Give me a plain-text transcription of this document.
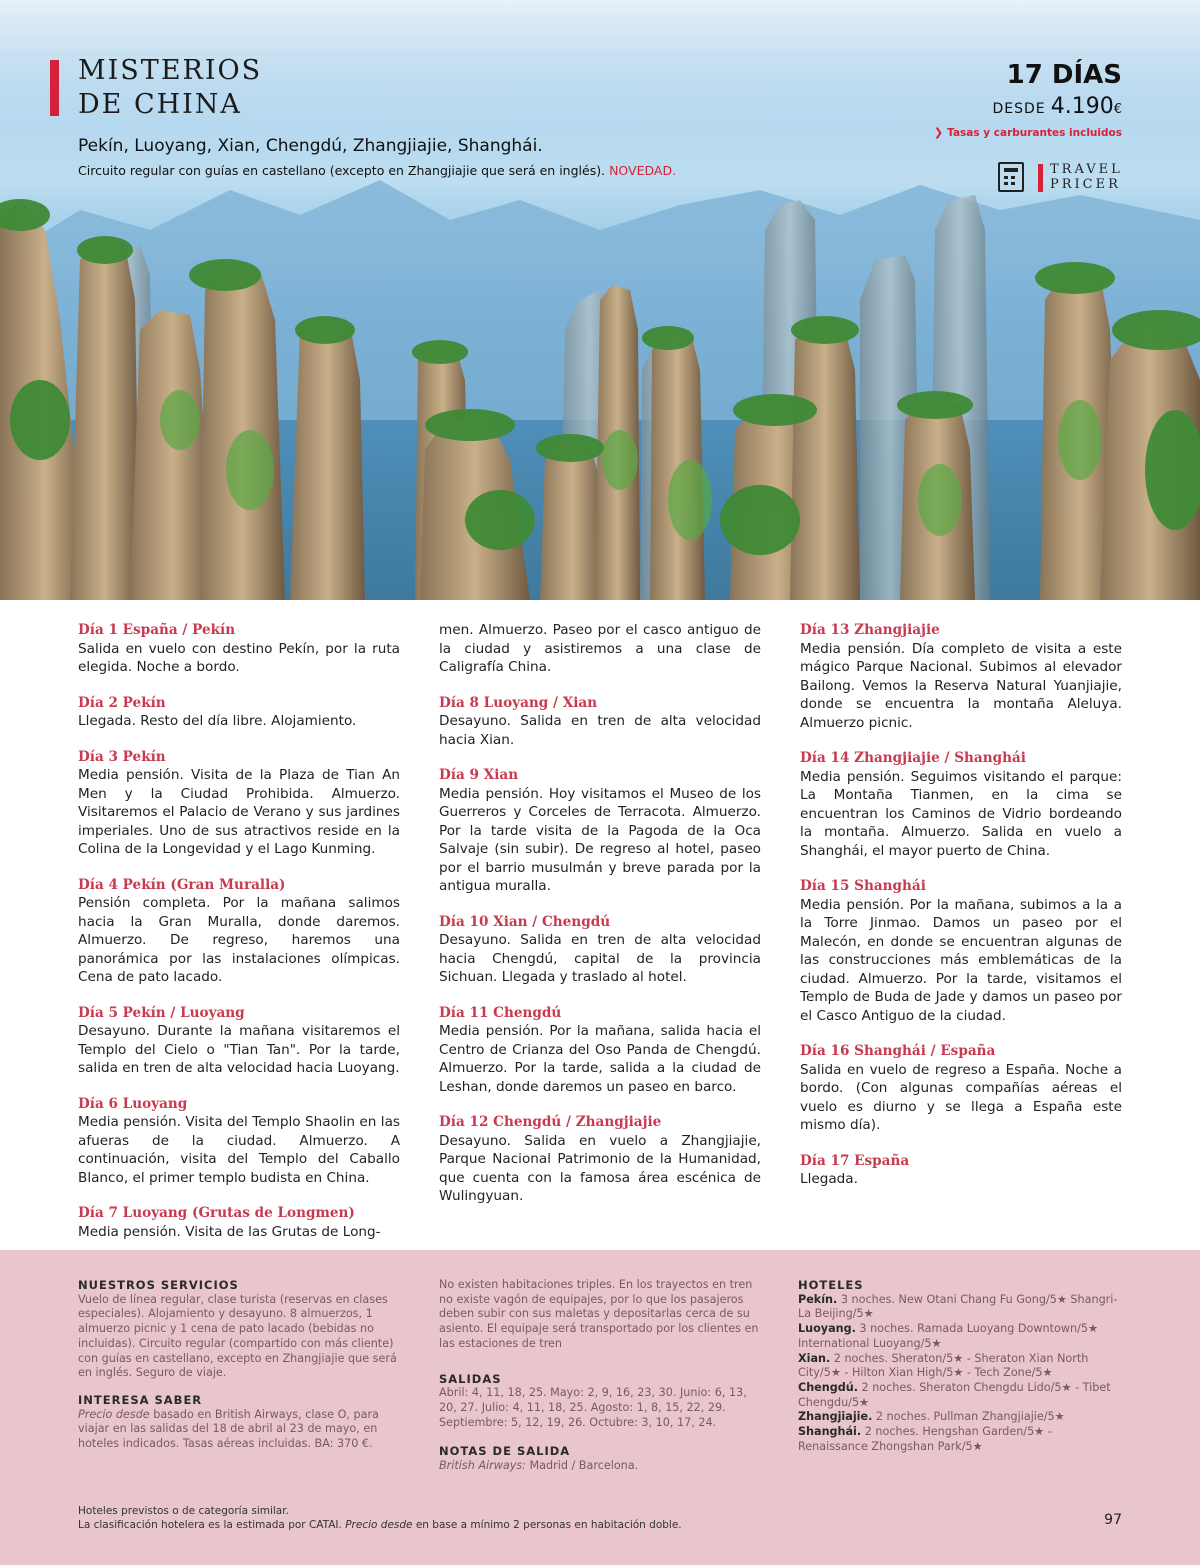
MISTERIOS
DE CHINA
Pekín, Luoyang, Xian, Chengdú, Zhangjiajie, Shanghái.
Circuito regular con guías en castellano (excepto en Zhangjiajie que será en inglés). NOVEDAD.
17 DÍAS
DESDE 4.190€
❯ Tasas y carburantes incluidos
TRAVEL
PRICER
Día 1 España / Pekín
Salida en vuelo con destino Pekín, por la ruta elegida. Noche a bordo.
Día 2 Pekín
Llegada. Resto del día libre. Alojamiento.
Día 3 Pekín
Media pensión. Visita de la Plaza de Tian An Men y la Ciudad Prohibida. Almuerzo. Visitaremos el Palacio de Verano y sus jardines imperiales. Uno de sus atractivos reside en la Colina de la Longevidad y el Lago Kunming.
Día 4 Pekín (Gran Muralla)
Pensión completa. Por la mañana salimos hacia la Gran Muralla, donde daremos. Almuerzo. De regreso, haremos una panorámica por las instalaciones olímpicas. Cena de pato lacado.
Día 5 Pekín / Luoyang
Desayuno. Durante la mañana visitaremos el Templo del Cielo o "Tian Tan". Por la tarde, salida en tren de alta velocidad hacia Luoyang.
Día 6 Luoyang
Media pensión. Visita del Templo Shaolin en las afueras de la ciudad. Almuerzo. A continuación, visita del Templo del Caballo Blanco, el primer templo budista en China.
Día 7 Luoyang (Grutas de Longmen)
Media pensión. Visita de las Grutas de Long-
men. Almuerzo. Paseo por el casco antiguo de la ciudad y asistiremos a una clase de Caligrafía China.
Día 8 Luoyang / Xian
Desayuno. Salida en tren de alta velocidad hacia Xian.
Día 9 Xian
Media pensión. Hoy visitamos el Museo de los Guerreros y Corceles de Terracota. Almuerzo. Por la tarde visita de la Pagoda de la Oca Salvaje (sin subir). De regreso al hotel, paseo por el barrio musulmán y breve parada por la antigua muralla.
Día 10 Xian / Chengdú
Desayuno. Salida en tren de alta velocidad hacia Chengdú, capital de la provincia Sichuan. Llegada y traslado al hotel.
Día 11 Chengdú
Media pensión. Por la mañana, salida hacia el Centro de Crianza del Oso Panda de Chengdú. Almuerzo. Por la tarde, salida a la ciudad de Leshan, donde daremos un paseo en barco.
Día 12 Chengdú / Zhangjiajie
Desayuno. Salida en vuelo a Zhangjiajie, Parque Nacional Patrimonio de la Humanidad, que cuenta con la famosa área escénica de Wulingyuan.
Día 13 Zhangjiajie
Media pensión. Día completo de visita a este mágico Parque Nacional. Subimos al elevador Bailong. Vemos la Reserva Natural Yuanjiajie, donde se encuentra la montaña Aleluya. Almuerzo picnic.
Día 14 Zhangjiajie / Shanghái
Media pensión. Seguimos visitando el parque: La Montaña Tianmen, en la cima se encuentran los Caminos de Vidrio bordeando la montaña. Almuerzo. Salida en vuelo a Shanghái, el mayor puerto de China.
Día 15 Shanghái
Media pensión. Por la mañana, subimos a la a la Torre Jinmao. Damos un paseo por el Malecón, en donde se encuentran algunas de las construcciones más emblemáticas de la ciudad. Almuerzo. Por la tarde, visitamos el Templo de Buda de Jade y damos un paseo por el Casco Antiguo de la ciudad.
Día 16 Shanghái / España
Salida en vuelo de regreso a España. Noche a bordo. (Con algunas compañías aéreas el vuelo es diurno y se llega a España este mismo día).
Día 17 España
Llegada.
NUESTROS SERVICIOS
Vuelo de línea regular, clase turista (reservas en clases especiales). Alojamiento y desayuno. 8 almuerzos, 1 almuerzo picnic y 1 cena de pato lacado (bebidas no incluidas). Circuito regular (compartido con más cliente) con guías en castellano, excepto en Zhangjiajie que será en inglés. Seguro de viaje.
INTERESA SABER
Precio desde basado en British Airways, clase O, para viajar en las salidas del 18 de abril al 23 de mayo, en hoteles indicados. Tasas aéreas incluidas. BA: 370 €.
No existen habitaciones triples. En los trayectos en tren no existe vagón de equipajes, por lo que los pasajeros deben subir con sus maletas y depositarlas cerca de su asiento. El equipaje será transportado por los clientes en las estaciones de tren
SALIDAS
Abril: 4, 11, 18, 25. Mayo: 2, 9, 16, 23, 30. Junio: 6, 13, 20, 27. Julio: 4, 11, 18, 25. Agosto: 1, 8, 15, 22, 29. Septiembre: 5, 12, 19, 26. Octubre: 3, 10, 17, 24.
NOTAS DE SALIDA
British Airways: Madrid / Barcelona.
HOTELES
Pekín. 3 noches. New Otani Chang Fu Gong/5★ Shangri-La Beijing/5★
Luoyang. 3 noches. Ramada Luoyang Downtown/5★ International Luoyang/5★
Xian. 2 noches. Sheraton/5★ - Sheraton Xian North City/5★ - Hilton Xian High/5★ - Tech Zone/5★
Chengdú. 2 noches. Sheraton Chengdu Lido/5★ - Tibet Chengdu/5★
Zhangjiajie. 2 noches. Pullman Zhangjiajie/5★
Shanghái. 2 noches. Hengshan Garden/5★ - Renaissance Zhongshan Park/5★
Hoteles previstos o de categoría similar.
La clasificación hotelera es la estimada por CATAI. Precio desde en base a mínimo 2 personas en habitación doble.	97
